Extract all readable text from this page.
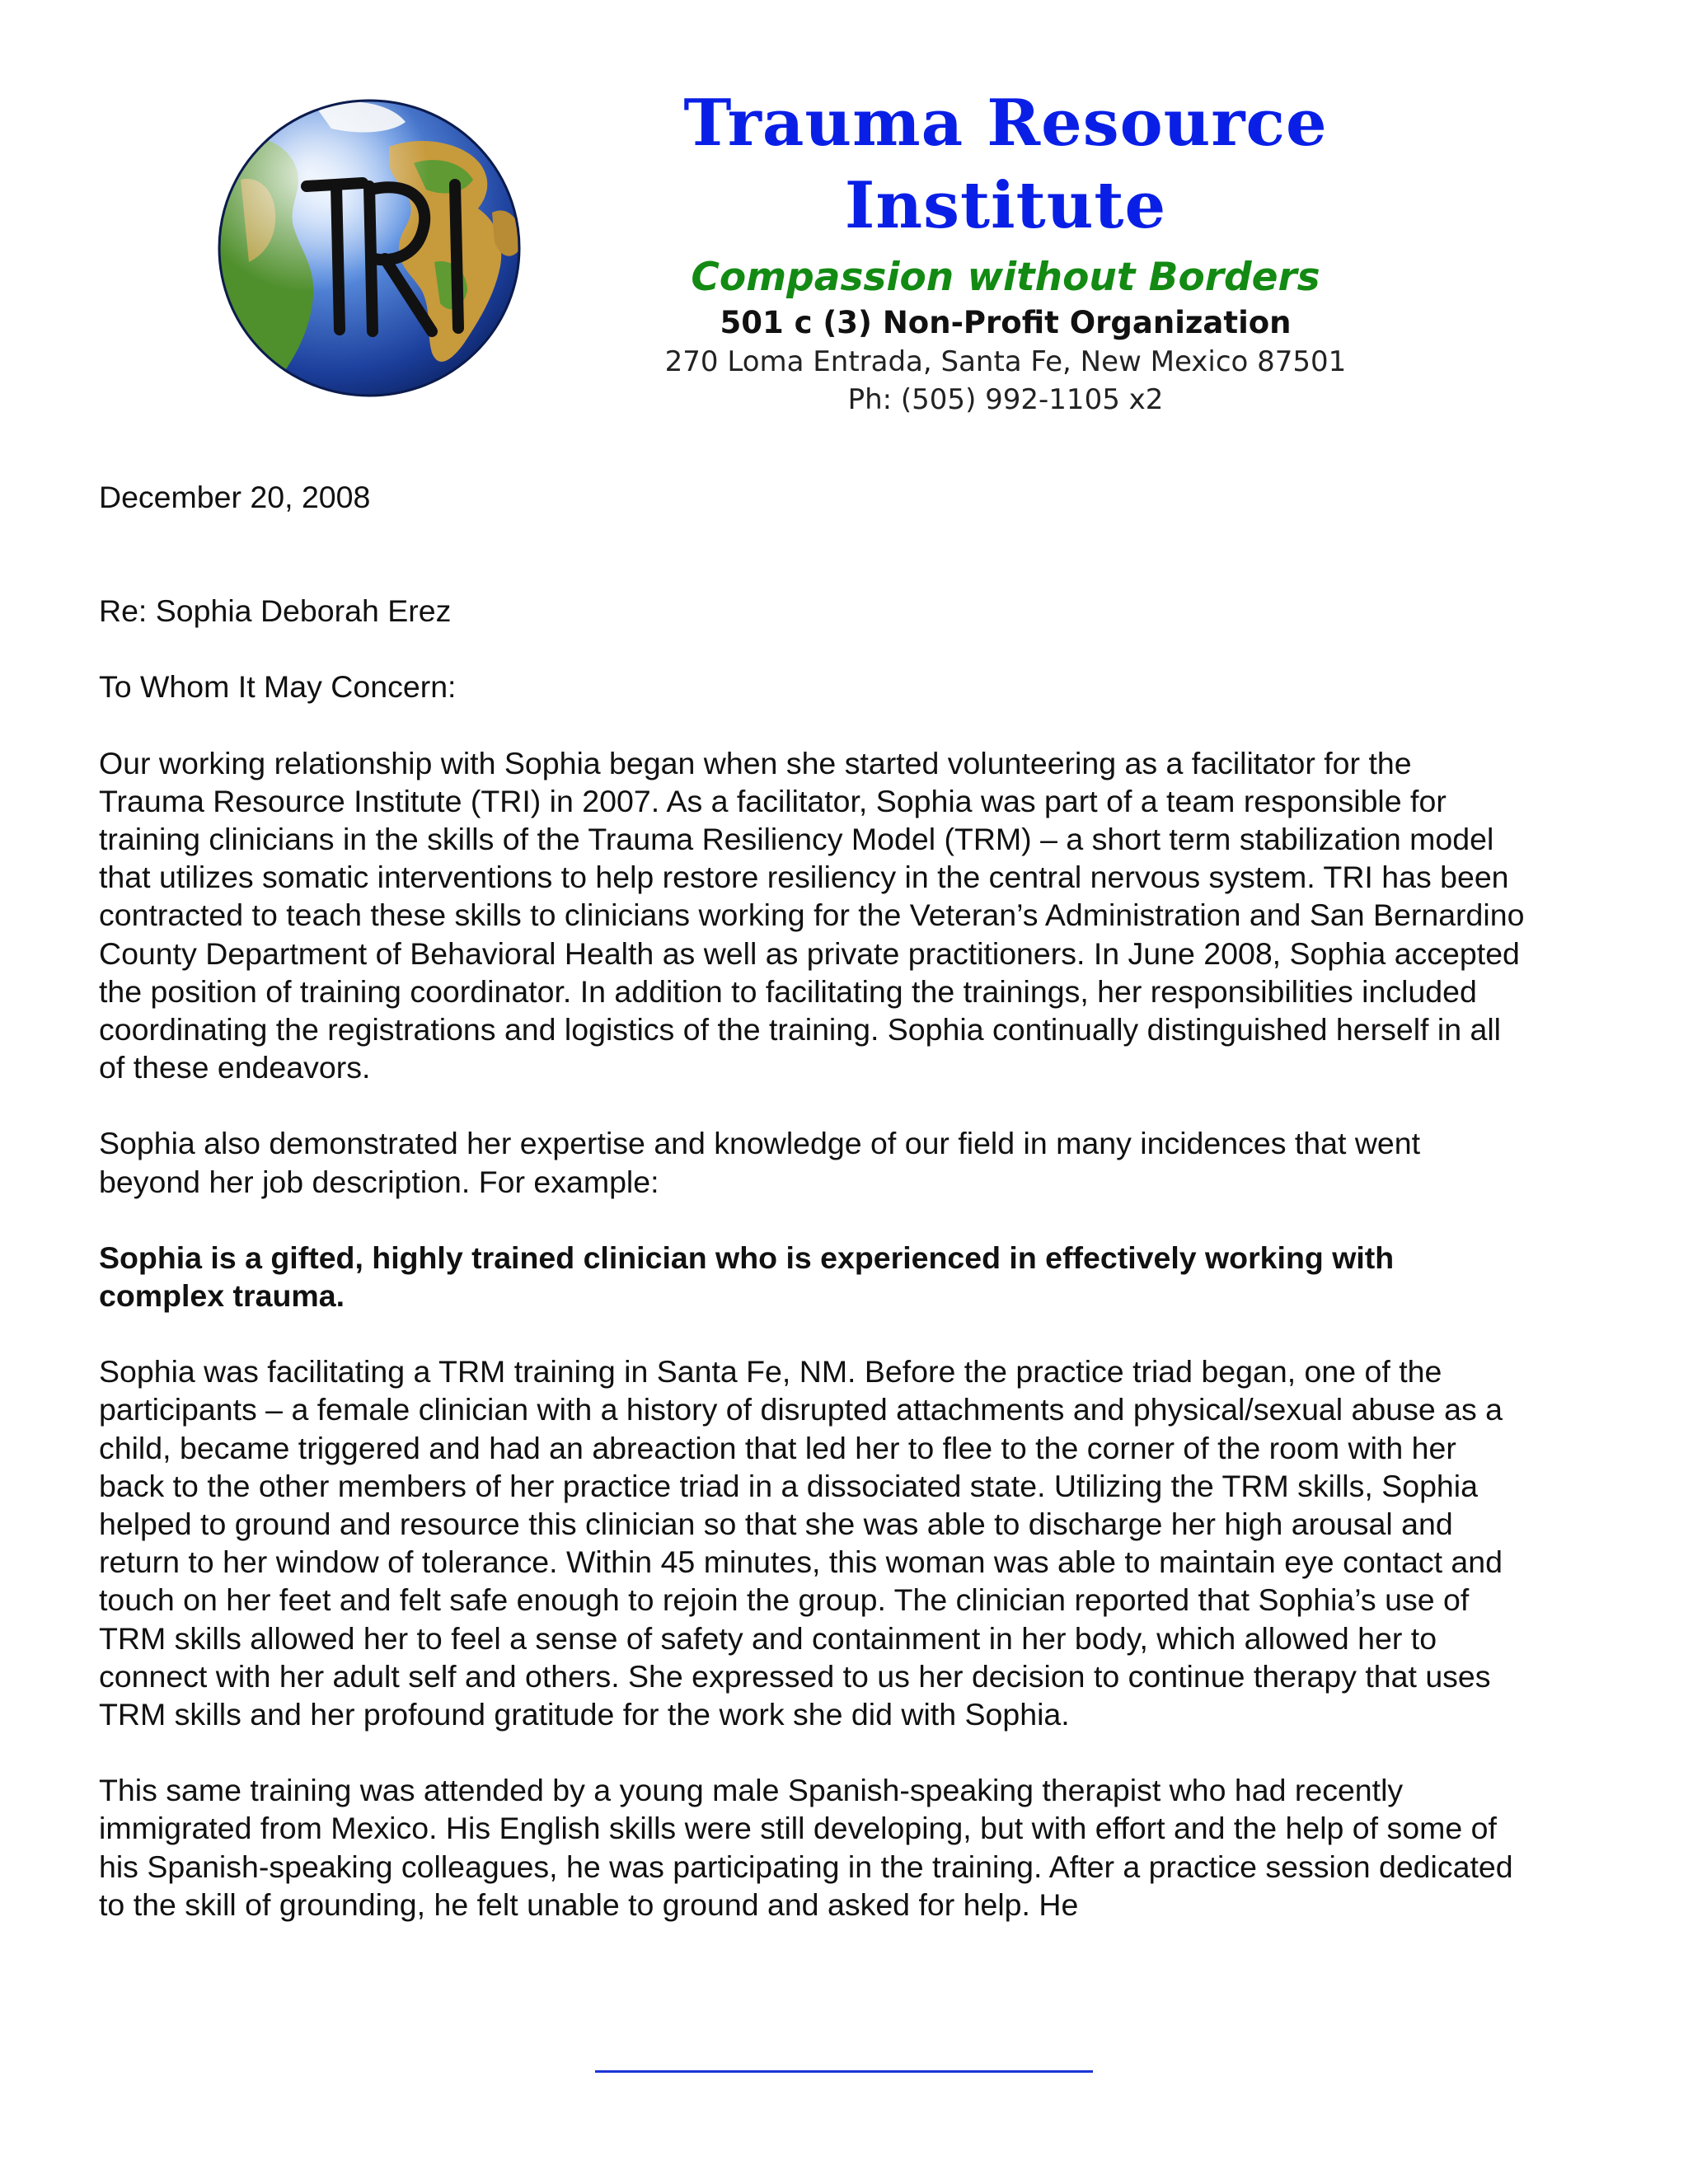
Trauma Resource
Institute
Compassion without Borders
501 c (3) Non-Profit Organization
270 Loma Entrada, Santa Fe, New Mexico 87501
Ph: (505) 992-1105 x2

December 20, 2008

Re: Sophia Deborah Erez

To Whom It May Concern:

Our working relationship with Sophia began when she started volunteering as a facilitator for the Trauma Resource Institute (TRI) in 2007. As a facilitator, Sophia was part of a team responsible for training clinicians in the skills of the Trauma Resiliency Model (TRM) – a short term stabilization model that utilizes somatic interventions to help restore resiliency in the central nervous system. TRI has been contracted to teach these skills to clinicians working for the Veteran’s Administration and San Bernardino County Department of Behavioral Health as well as private practitioners. In June 2008, Sophia accepted the position of training coordinator. In addition to facilitating the trainings, her responsibilities included coordinating the registrations and logistics of the training. Sophia continually distinguished herself in all of these endeavors.

Sophia also demonstrated her expertise and knowledge of our field in many incidences that went beyond her job description. For example:

Sophia is a gifted, highly trained clinician who is experienced in effectively working with complex trauma.

Sophia was facilitating a TRM training in Santa Fe, NM. Before the practice triad began, one of the participants – a female clinician with a history of disrupted attachments and physical/sexual abuse as a child, became triggered and had an abreaction that led her to flee to the corner of the room with her back to the other members of her practice triad in a dissociated state. Utilizing the TRM skills, Sophia helped to ground and resource this clinician so that she was able to discharge her high arousal and return to her window of tolerance. Within 45 minutes, this woman was able to maintain eye contact and touch on her feet and felt safe enough to rejoin the group. The clinician reported that Sophia’s use of TRM skills allowed her to feel a sense of safety and containment in her body, which allowed her to connect with her adult self and others. She expressed to us her decision to continue therapy that uses TRM skills and her profound gratitude for the work she did with Sophia.

This same training was attended by a young male Spanish-speaking therapist who had recently immigrated from Mexico. His English skills were still developing, but with effort and the help of some of his Spanish-speaking colleagues, he was participating in the training. After a practice session dedicated to the skill of grounding, he felt unable to ground and asked for help. He
